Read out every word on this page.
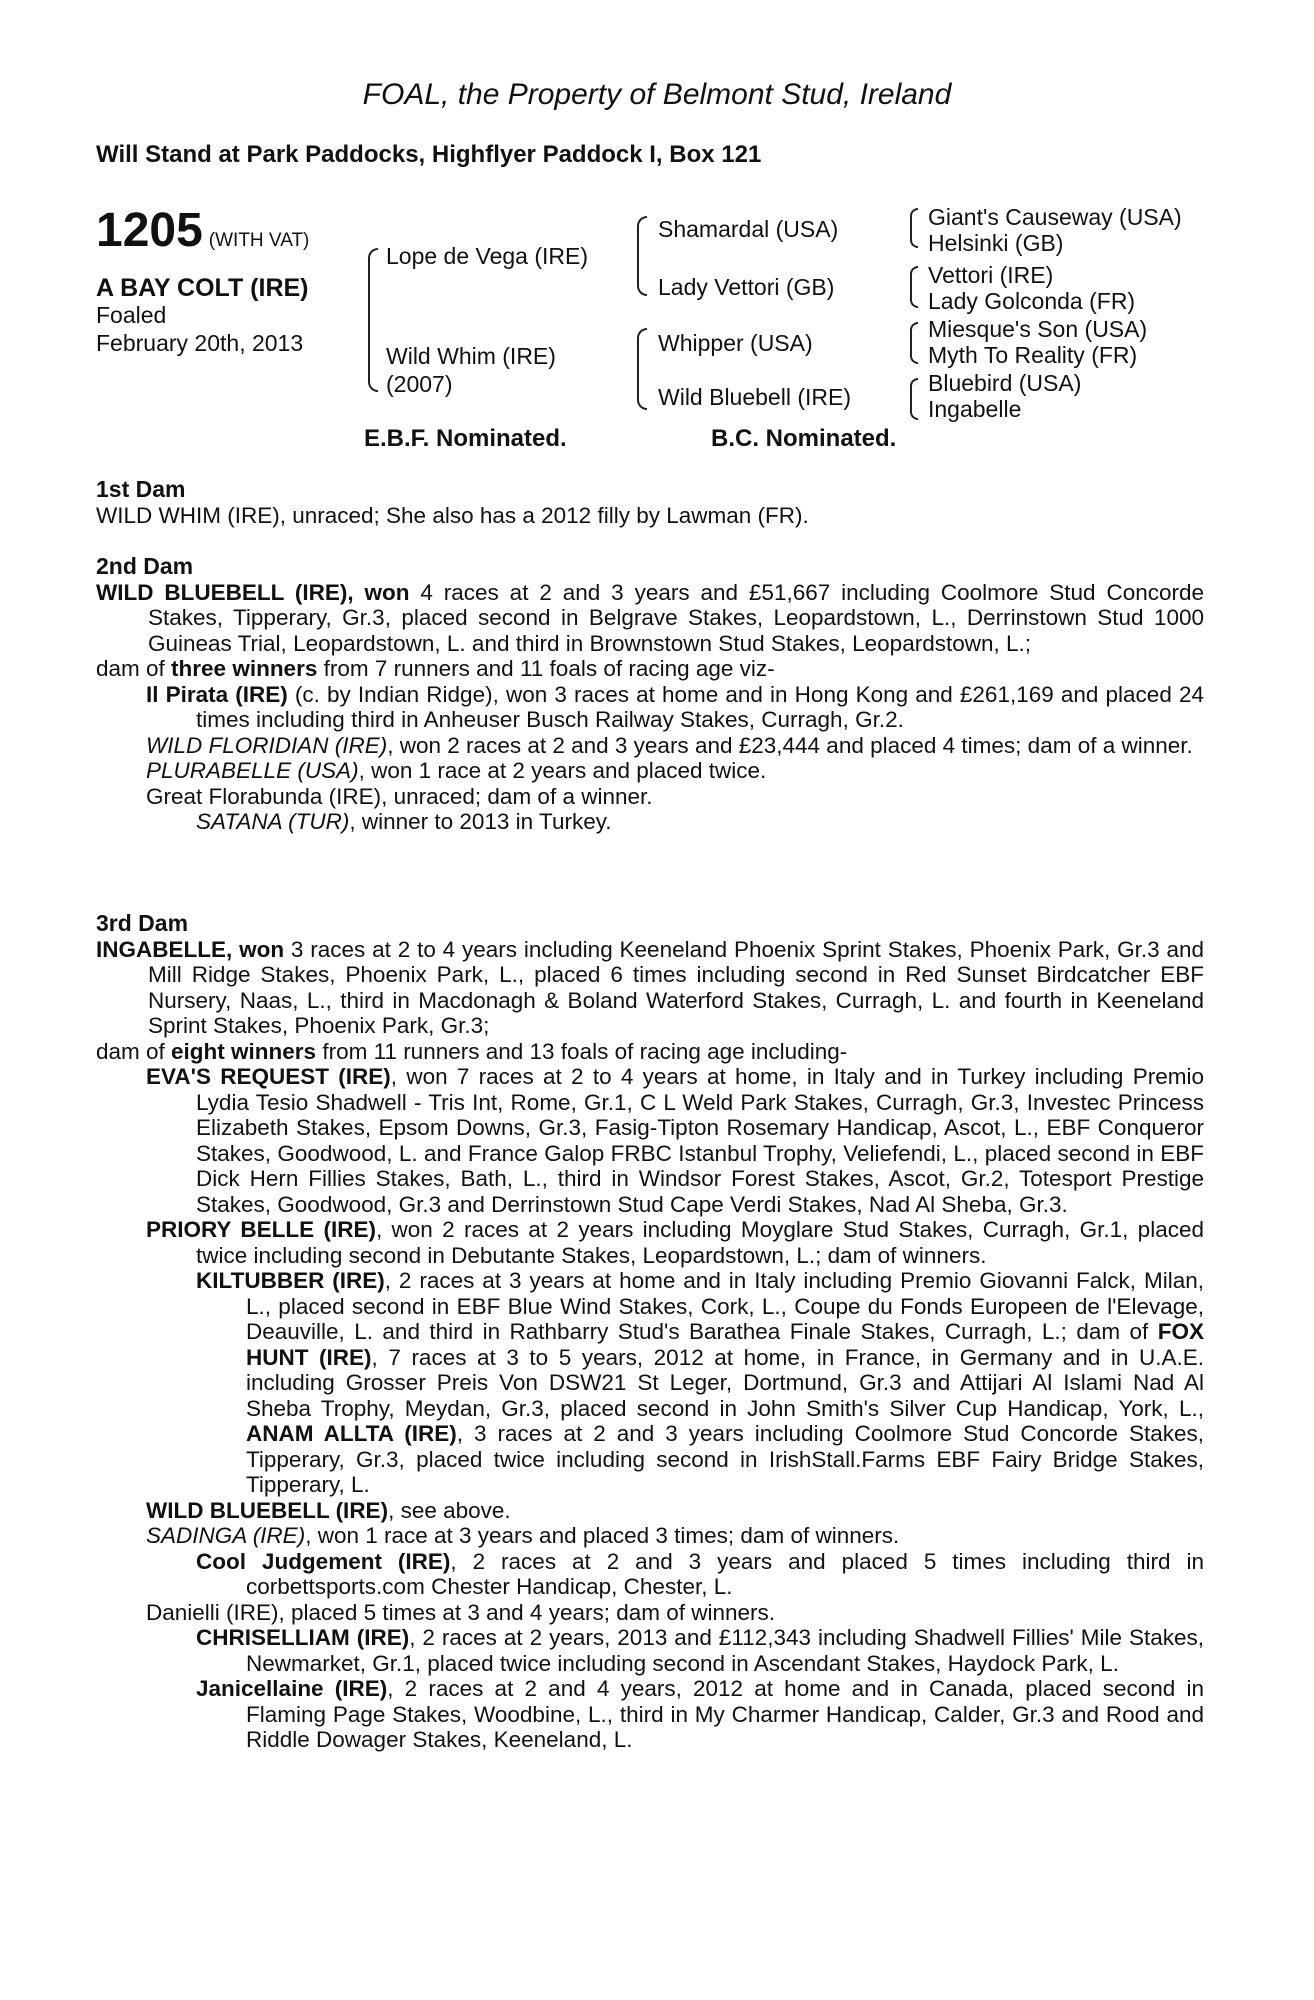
FOAL, the Property of Belmont Stud, Ireland
Will Stand at Park Paddocks, Highflyer Paddock I, Box 121
1205 (WITH VAT)
A BAY COLT (IRE)
Foaled
February 20th, 2013
Lope de Vega (IRE)
Wild Whim (IRE)
(2007)
Shamardal (USA)
Lady Vettori (GB)
Whipper (USA)
Wild Bluebell (IRE)
Giant's Causeway (USA)
Helsinki (GB)
Vettori (IRE)
Lady Golconda (FR)
Miesque's Son (USA)
Myth To Reality (FR)
Bluebird (USA)
Ingabelle
E.B.F. Nominated.	B.C. Nominated.

1st Dam

WILD WHIM (IRE), unraced; She also has a 2012 filly by Lawman (FR).

2nd Dam

WILD BLUEBELL (IRE), won 4 races at 2 and 3 years and £51,667 including Coolmore Stud Concorde Stakes, Tipperary, Gr.3, placed second in Belgrave Stakes, Leopardstown, L., Derrinstown Stud 1000 Guineas Trial, Leopardstown, L. and third in Brownstown Stud Stakes, Leopardstown, L.;

dam of three winners from 7 runners and 11 foals of racing age viz-

Il Pirata (IRE) (c. by Indian Ridge), won 3 races at home and in Hong Kong and £261,169 and placed 24 times including third in Anheuser Busch Railway Stakes, Curragh, Gr.2.

WILD FLORIDIAN (IRE), won 2 races at 2 and 3 years and £23,444 and placed 4 times; dam of a winner.

PLURABELLE (USA), won 1 race at 2 years and placed twice.

Great Florabunda (IRE), unraced; dam of a winner.

SATANA (TUR), winner to 2013 in Turkey.

3rd Dam

INGABELLE, won 3 races at 2 to 4 years including Keeneland Phoenix Sprint Stakes, Phoenix Park, Gr.3 and Mill Ridge Stakes, Phoenix Park, L., placed 6 times including second in Red Sunset Birdcatcher EBF Nursery, Naas, L., third in Macdonagh & Boland Waterford Stakes, Curragh, L. and fourth in Keeneland Sprint Stakes, Phoenix Park, Gr.3;

dam of eight winners from 11 runners and 13 foals of racing age including-

EVA'S REQUEST (IRE), won 7 races at 2 to 4 years at home, in Italy and in Turkey including Premio Lydia Tesio Shadwell - Tris Int, Rome, Gr.1, C L Weld Park Stakes, Curragh, Gr.3, Investec Princess Elizabeth Stakes, Epsom Downs, Gr.3, Fasig-Tipton Rosemary Handicap, Ascot, L., EBF Conqueror Stakes, Goodwood, L. and France Galop FRBC Istanbul Trophy, Veliefendi, L., placed second in EBF Dick Hern Fillies Stakes, Bath, L., third in Windsor Forest Stakes, Ascot, Gr.2, Totesport Prestige Stakes, Goodwood, Gr.3 and Derrinstown Stud Cape Verdi Stakes, Nad Al Sheba, Gr.3.

PRIORY BELLE (IRE), won 2 races at 2 years including Moyglare Stud Stakes, Curragh, Gr.1, placed twice including second in Debutante Stakes, Leopardstown, L.; dam of winners.

KILTUBBER (IRE), 2 races at 3 years at home and in Italy including Premio Giovanni Falck, Milan, L., placed second in EBF Blue Wind Stakes, Cork, L., Coupe du Fonds Europeen de l'Elevage, Deauville, L. and third in Rathbarry Stud's Barathea Finale Stakes, Curragh, L.; dam of FOX HUNT (IRE), 7 races at 3 to 5 years, 2012 at home, in France, in Germany and in U.A.E. including Grosser Preis Von DSW21 St Leger, Dortmund, Gr.3 and Attijari Al Islami Nad Al Sheba Trophy, Meydan, Gr.3, placed second in John Smith's Silver Cup Handicap, York, L., ANAM ALLTA (IRE), 3 races at 2 and 3 years including Coolmore Stud Concorde Stakes, Tipperary, Gr.3, placed twice including second in IrishStall.Farms EBF Fairy Bridge Stakes, Tipperary, L.

WILD BLUEBELL (IRE), see above.

SADINGA (IRE), won 1 race at 3 years and placed 3 times; dam of winners.

Cool Judgement (IRE), 2 races at 2 and 3 years and placed 5 times including third in corbettsports.com Chester Handicap, Chester, L.

Danielli (IRE), placed 5 times at 3 and 4 years; dam of winners.

CHRISELLIAM (IRE), 2 races at 2 years, 2013 and £112,343 including Shadwell Fillies' Mile Stakes, Newmarket, Gr.1, placed twice including second in Ascendant Stakes, Haydock Park, L.

Janicellaine (IRE), 2 races at 2 and 4 years, 2012 at home and in Canada, placed second in Flaming Page Stakes, Woodbine, L., third in My Charmer Handicap, Calder, Gr.3 and Rood and Riddle Dowager Stakes, Keeneland, L.
